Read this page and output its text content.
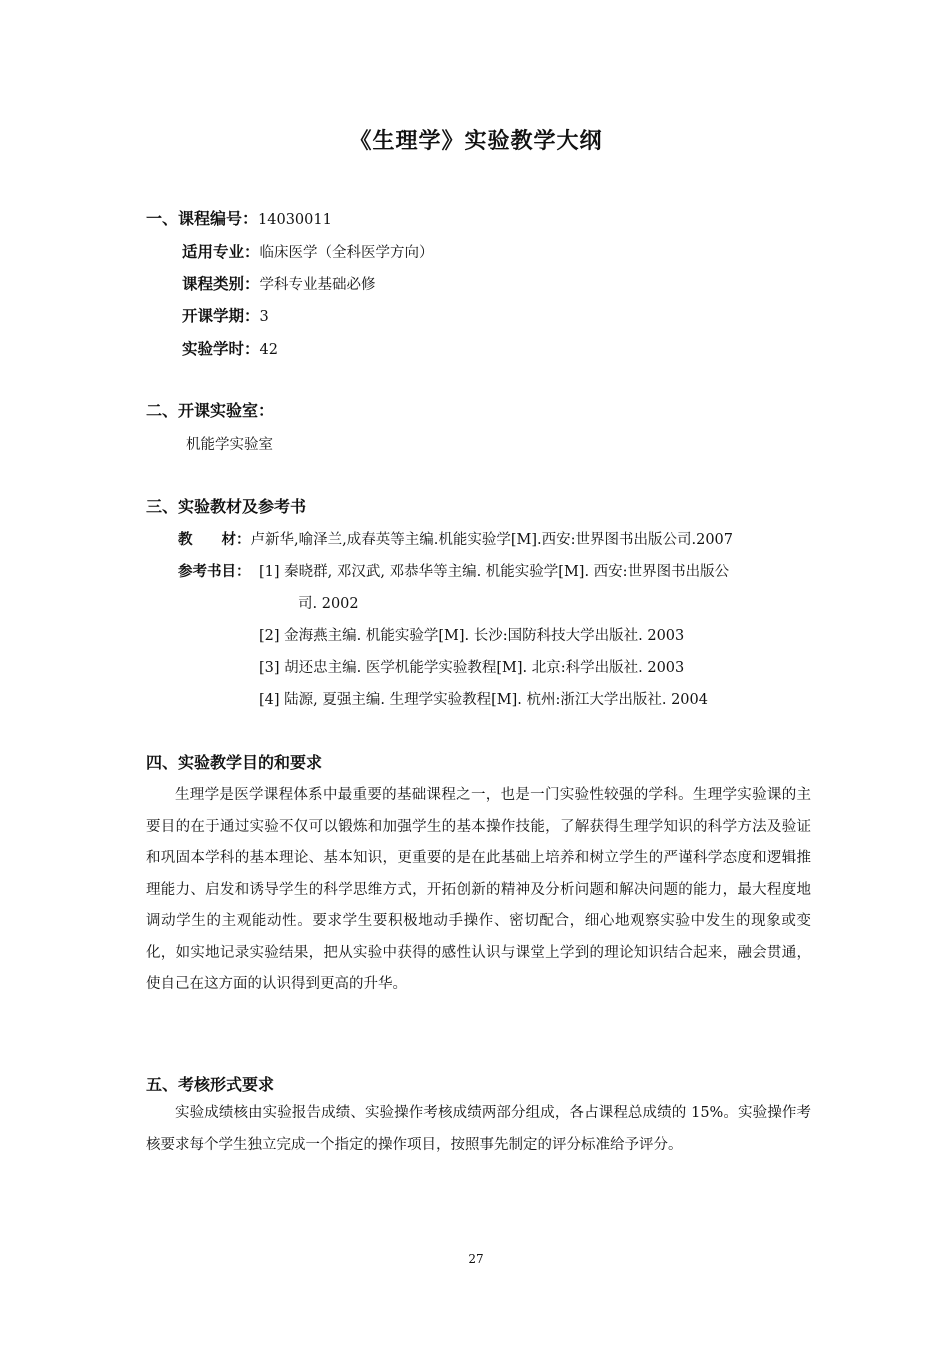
《生理学》实验教学大纲
一、课程编号：14030011
适用专业：临床医学（全科医学方向）
课程类别：学科专业基础必修
开课学期：3
实验学时：42
二、开课实验室：
机能学实验室
三、实验教材及参考书
教　　材：卢新华,喻泽兰,成春英等主编.机能实验学[M].西安:世界图书出版公司.2007
参考书目： [1] 秦晓群, 邓汉武, 邓恭华等主编. 机能实验学[M]. 西安:世界图书出版公
司. 2002
[2] 金海燕主编. 机能实验学[M]. 长沙:国防科技大学出版社. 2003
[3] 胡还忠主编. 医学机能学实验教程[M]. 北京:科学出版社. 2003
[4] 陆源, 夏强主编. 生理学实验教程[M]. 杭州:浙江大学出版社. 2004
四、实验教学目的和要求

生理学是医学课程体系中最重要的基础课程之一，也是一门实验性较强的学科。生理学实验课的主要目的在于通过实验不仅可以锻炼和加强学生的基本操作技能，了解获得生理学知识的科学方法及验证和巩固本学科的基本理论、基本知识，更重要的是在此基础上培养和树立学生的严谨科学态度和逻辑推理能力、启发和诱导学生的科学思维方式，开拓创新的精神及分析问题和解决问题的能力，最大程度地调动学生的主观能动性。要求学生要积极地动手操作、密切配合，细心地观察实验中发生的现象或变化，如实地记录实验结果，把从实验中获得的感性认识与课堂上学到的理论知识结合起来，融会贯通，使自己在这方面的认识得到更高的升华。

五、考核形式要求

实验成绩核由实验报告成绩、实验操作考核成绩两部分组成，各占课程总成绩的 15%。实验操作考核要求每个学生独立完成一个指定的操作项目，按照事先制定的评分标准给予评分。

27
